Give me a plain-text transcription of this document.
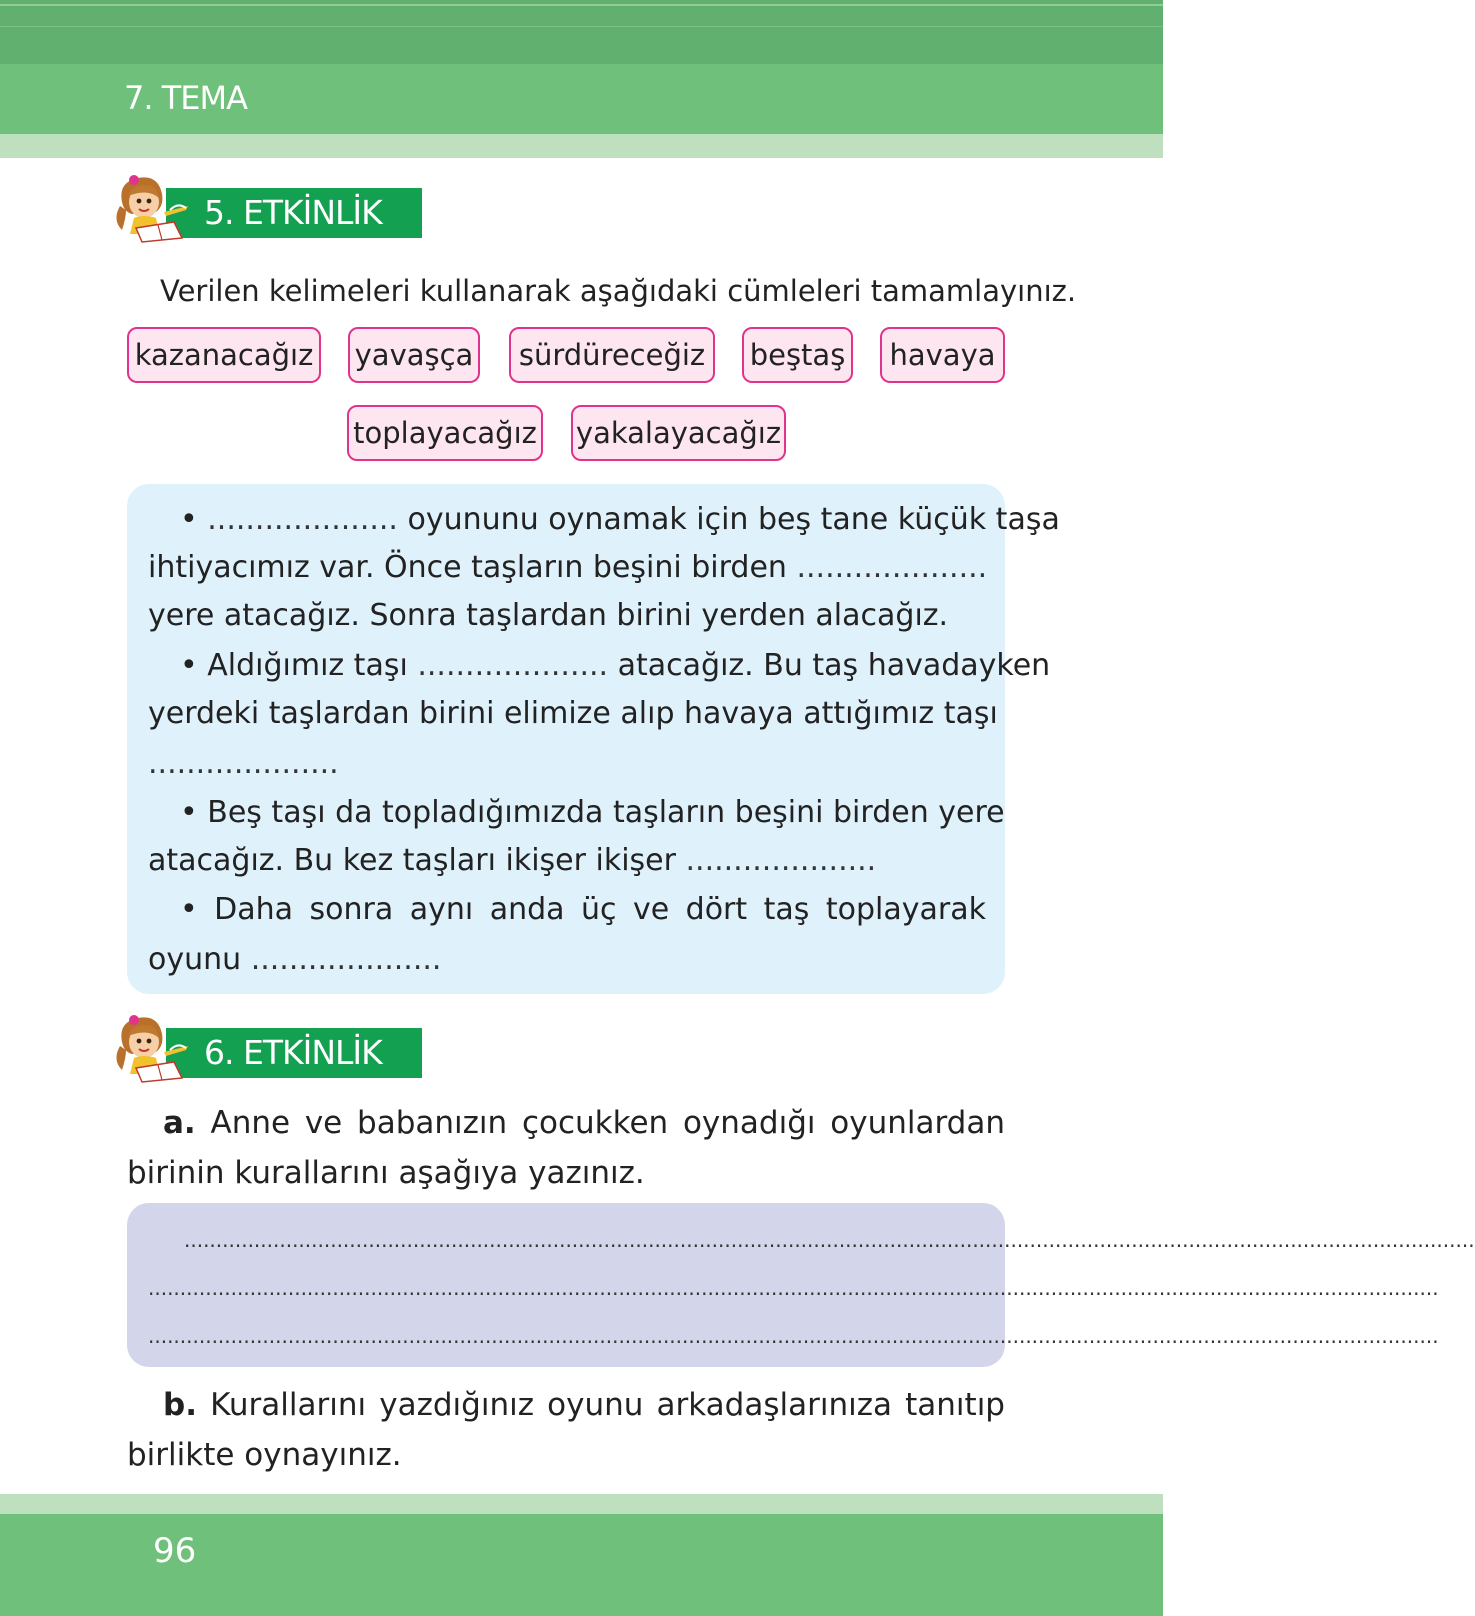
7. TEMA
5. ETKİNLİK
Verilen kelimeleri kullanarak aşağıdaki cümleleri tamamlayınız.
kazanacağız yavaşça	sürdüreceğiz	beştaş	havaya
toplayacağız yakalayacağız
• .................... oyununu oynamak için beş tane küçük taşa
ihtiyacımız var. Önce taşların beşini birden ....................
yere atacağız. Sonra taşlardan birini yerden alacağız.
• Aldığımız taşı .................... atacağız. Bu taş havadayken
yerdeki taşlardan birini elimize alıp havaya attığımız taşı
....................
• Beş taşı da topladığımızda taşların beşini birden yere
atacağız. Bu kez taşları ikişer ikişer ....................
• Daha sonra aynı anda üç ve dört taş toplayarak
oyunu ....................
6. ETKİNLİK
a. Anne ve babanızın çocukken oynadığı oyunlardan birinin kurallarını aşağıya yazınız.
...........................................................................................................................................................................................................
...........................................................................................................................................................................................................
...........................................................................................................................................................................................................
b. Kurallarını yazdığınız oyunu arkadaşlarınıza tanıtıp birlikte oynayınız.
96
